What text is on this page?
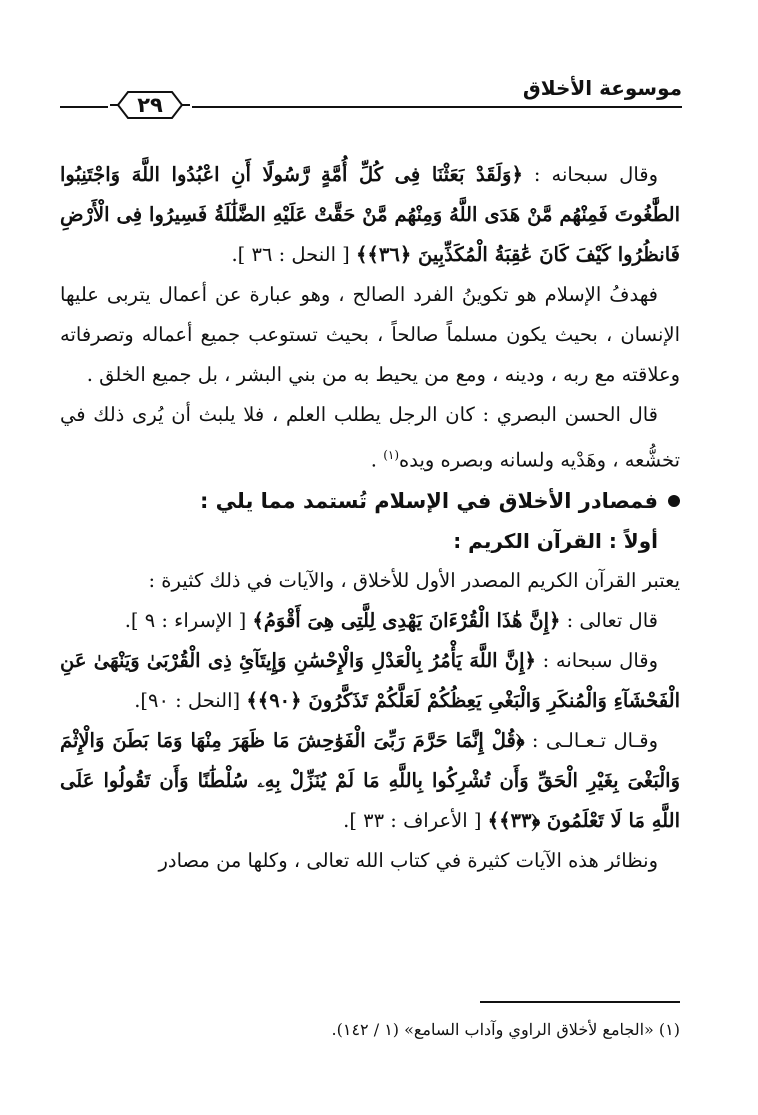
موسوعة الأخلاق
٢٩

وقال سبحانه : ﴿وَلَقَدْ بَعَثْنَا فِى كُلِّ أُمَّةٍ رَّسُولًا أَنِ اعْبُدُوا اللَّهَ وَاجْتَنِبُوا الطَّٰغُوتَ فَمِنْهُم مَّنْ هَدَى اللَّهُ وَمِنْهُم مَّنْ حَقَّتْ عَلَيْهِ الضَّلَٰلَةُ فَسِيرُوا فِى الْأَرْضِ فَانظُرُوا كَيْفَ كَانَ عَٰقِبَةُ الْمُكَذِّبِينَ ﴿٣٦﴾﴾ [ النحل : ٣٦ ].

فهدفُ الإسلام هو تكوينُ الفرد الصالح ، وهو عبارة عن أعمال يتربى عليها الإنسان ، بحيث يكون مسلماً صالحاً ، بحيث تستوعب جميع أعماله وتصرفاته وعلاقته مع ربه ، ودينه ، ومع من يحيط به من بني البشر ، بل جميع الخلق .

قال الحسن البصري : كان الرجل يطلب العلم ، فلا يلبث أن يُرى ذلك في تخشُّعه ، وهَدْيه ولسانه وبصره ويده$^{(١)}$ .

فمصادر الأخلاق في الإسلام تُستمد مما يلي :

أولاً : القرآن الكريم :

يعتبر القرآن الكريم المصدر الأول للأخلاق ، والآيات في ذلك كثيرة :

قال تعالى : ﴿إِنَّ هَٰذَا الْقُرْءَانَ يَهْدِى لِلَّتِى هِىَ أَقْوَمُ﴾ [ الإسراء : ٩ ].

وقال سبحانه : ﴿إِنَّ اللَّهَ يَأْمُرُ بِالْعَدْلِ وَالْإِحْسَٰنِ وَإِيتَآئِ ذِى الْقُرْبَىٰ وَيَنْهَىٰ عَنِ الْفَحْشَآءِ وَالْمُنكَرِ وَالْبَغْىِ يَعِظُكُمْ لَعَلَّكُمْ تَذَكَّرُونَ ﴿٩٠﴾﴾ [النحل : ٩٠].

وقـال تـعـالـى : ﴿قُلْ إِنَّمَا حَرَّمَ رَبِّىَ الْفَوَٰحِشَ مَا ظَهَرَ مِنْهَا وَمَا بَطَنَ وَالْإِثْمَ وَالْبَغْىَ بِغَيْرِ الْحَقِّ وَأَن تُشْرِكُوا بِاللَّهِ مَا لَمْ يُنَزِّلْ بِهِۦ سُلْطَٰنًا وَأَن تَقُولُوا عَلَى اللَّهِ مَا لَا تَعْلَمُونَ ﴿٣٣﴾﴾ [ الأعراف : ٣٣ ].

ونظائر هذه الآيات كثيرة في كتاب الله تعالى ، وكلها من مصادر

(١) «الجامع لأخلاق الراوي وآداب السامع» (١ / ١٤٢).
